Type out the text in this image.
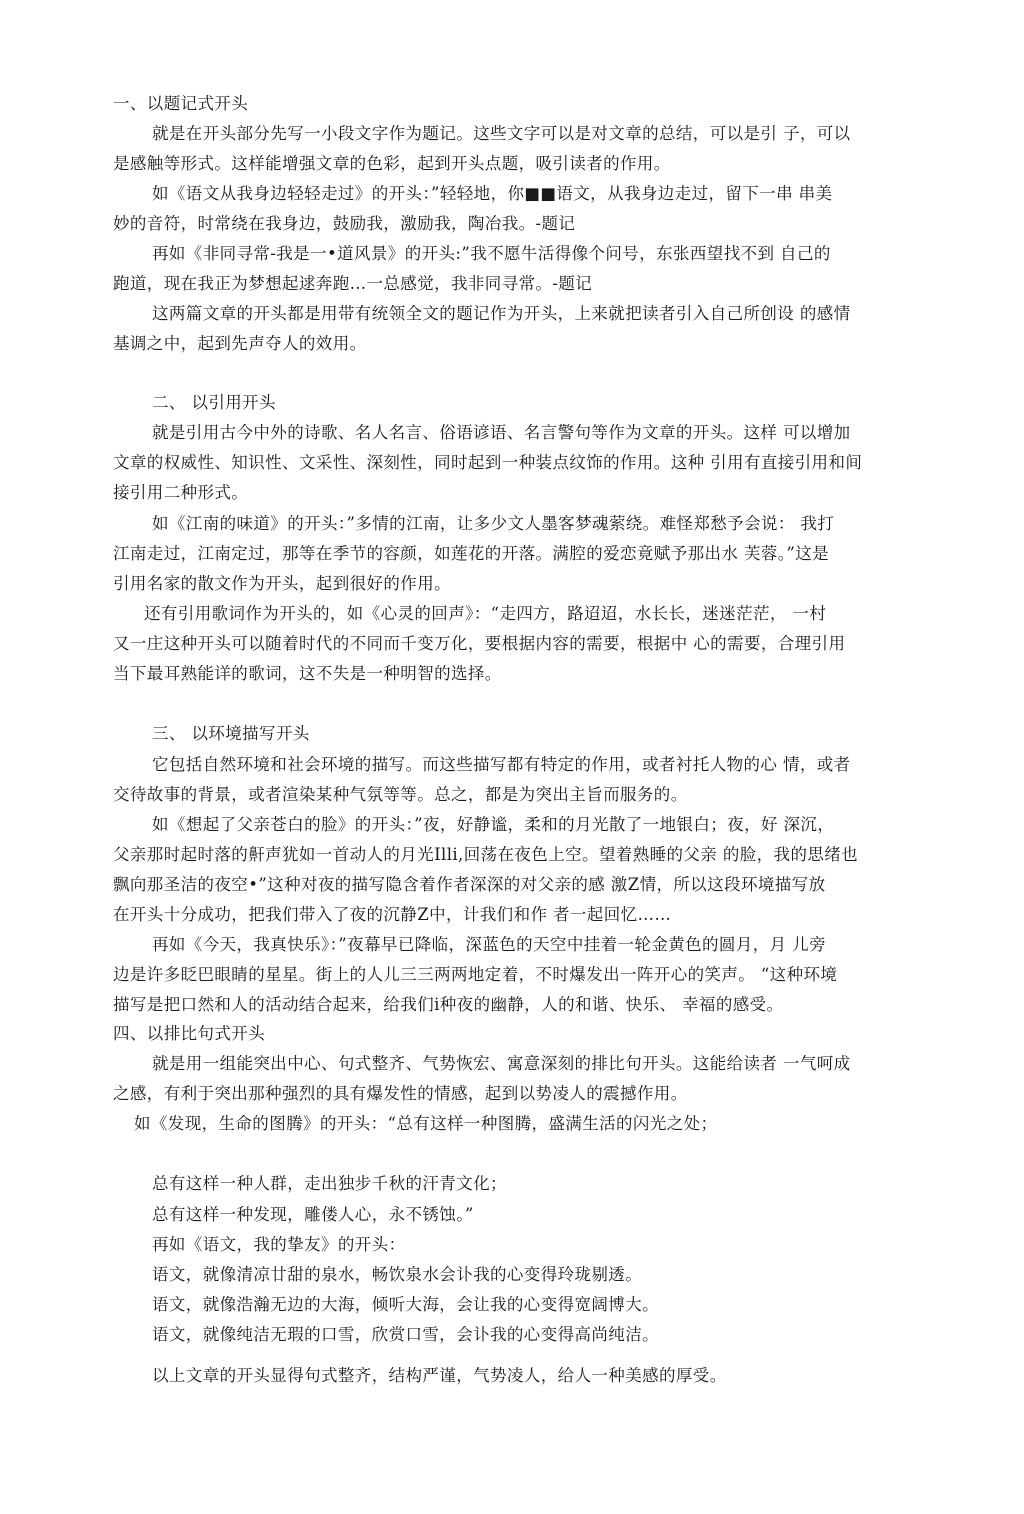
一、以题记式开头
就是在开头部分先写一小段文字作为题记。这些文字可以是对文章的总结，可以是引 子，可以
是感触等形式。这样能增强文章的色彩，起到开头点题，吸引读者的作用。
如《语文从我身边轻轻走过》的开头：”轻轻地，你■■语文，从我身边走过，留下一串 串美
妙的音符，时常绕在我身边，鼓励我，激励我，陶冶我。-题记
再如《非同寻常-我是一•道风景》的开头:”我不愿牛活得像个问号，东张西望找不到 自己的
跑道，现在我正为梦想起逑奔跑…一总感觉，我非同寻常。-题记
这两篇文章的开头都是用带有统领全文的题记作为开头，上来就把读者引入自己所创设 的感情
基调之中，起到先声夺人的效用。
二、 以引用开头
就是引用古今中外的诗歌、名人名言、俗语谚语、名言警句等作为文章的开头。这样 可以增加
文章的权威性、知识性、文采性、深刻性，同时起到一种装点纹饰的作用。这种 引用有直接引用和间
接引用二种形式。
如《江南的味道》的开头：”多情的江南，让多少文人墨客梦魂萦绕。难怪郑愁予会说： 我打
江南走过，江南定过，那等在季节的容颜，如莲花的开落。满腔的爱恋竟赋予那出水 芙蓉。”这是
引用名家的散文作为开头，起到很好的作用。
还有引用歌词作为开头的，如《心灵的回声》：“走四方，路迢迢，水长长，迷迷茫茫， 一村
又一庄这种开头可以随着时代的不同而千变万化，要根据内容的需要，根据中 心的需要，合理引用
当下最耳熟能详的歌词，这不失是一种明智的选择。
三、 以环境描写开头
它包括自然环境和社会环境的描写。而这些描写都有特定的作用，或者衬托人物的心 情，或者
交待故事的背景，或者渲染某种气氛等等。总之，都是为突出主旨而服务的。
如《想起了父亲苍白的脸》的开头：”夜，好静谧，柔和的月光散了一地银白；夜，好 深沉，
父亲那时起时落的鼾声犹如一首动人的月光Illi,回荡在夜色上空。望着熟睡的父亲 的脸，我的思绪也
飘向那圣洁的夜空•”这种对夜的描写隐含着作者深深的对父亲的感 激Z情，所以这段环境描写放
在开头十分成功，把我们带入了夜的沉静Z中，计我们和作 者一起回忆……
再如《今天，我真快乐》：”夜幕早已降临，深蓝色的天空中挂着一轮金黄色的圆月，月 儿旁
边是许多眨巴眼睛的星星。街上的人儿三三两两地定着，不时爆发出一阵开心的笑声。 “这种环境
描写是把口然和人的活动结合起来，给我们i种夜的幽静，人的和谐、快乐、 幸福的感受。
四、以排比句式开头
就是用一组能突出中心、句式整齐、气势恢宏、寓意深刻的排比句开头。这能给读者 一气呵成
之感，有利于突出那种强烈的具有爆发性的情感，起到以势凌人的震撼作用。
如《发现，生命的图腾》的开头：“总有这样一种图腾，盛满生活的闪光之处；
总有这样一种人群，走出独步千秋的汗青文化；
总有这样一种发现，雕偻人心，永不锈蚀。”
再如《语文，我的挚友》的开头：
语文，就像清凉廿甜的泉水，畅饮泉水会讣我的心变得玲珑剔透。
语文，就像浩瀚无边的大海，倾听大海，会让我的心变得宽阔博大。
语文，就像纯洁无瑕的口雪，欣赏口雪，会讣我的心变得高尚纯洁。
以上文章的开头显得句式整齐，结构严谨，气势凌人，给人一种美感的厚受。
